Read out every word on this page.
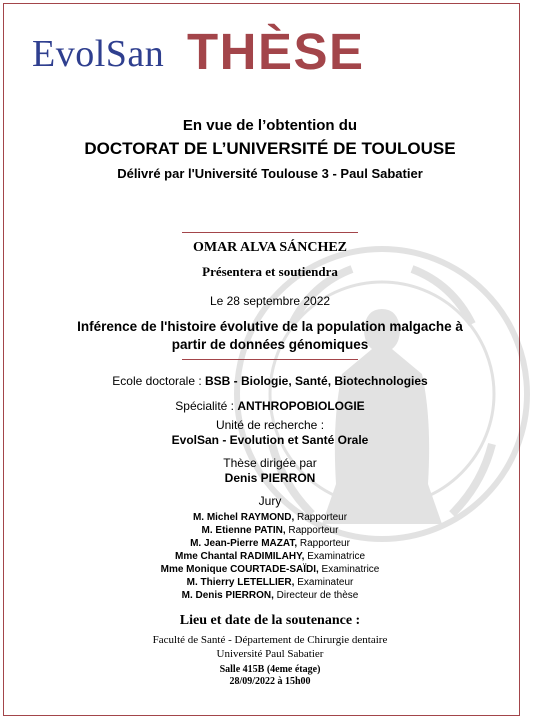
EvolSan THÈSE
En vue de l’obtention du
DOCTORAT DE L’UNIVERSITÉ DE TOULOUSE
Délivré par l'Université Toulouse 3 - Paul Sabatier
OMAR ALVA SÁNCHEZ
Présentera et soutiendra
Le 28 septembre 2022
Inférence de l'histoire évolutive de la population malgache à
partir de données génomiques
Ecole doctorale : BSB - Biologie, Santé, Biotechnologies
Spécialité : ANTHROPOBIOLOGIE
Unité de recherche :
EvolSan - Evolution et Santé Orale
Thèse dirigée par
Denis PIERRON
Jury
M. Michel RAYMOND, Rapporteur
M. Etienne PATIN, Rapporteur
M. Jean-Pierre MAZAT, Rapporteur
Mme Chantal RADIMILAHY, Examinatrice
Mme Monique COURTADE-SAÏDI, Examinatrice
M. Thierry LETELLIER, Examinateur
M. Denis PIERRON, Directeur de thèse
Lieu et date de la soutenance :
Faculté de Santé - Département de Chirurgie dentaire
Université Paul Sabatier
Salle 415B (4eme étage)
28/09/2022 à 15h00
